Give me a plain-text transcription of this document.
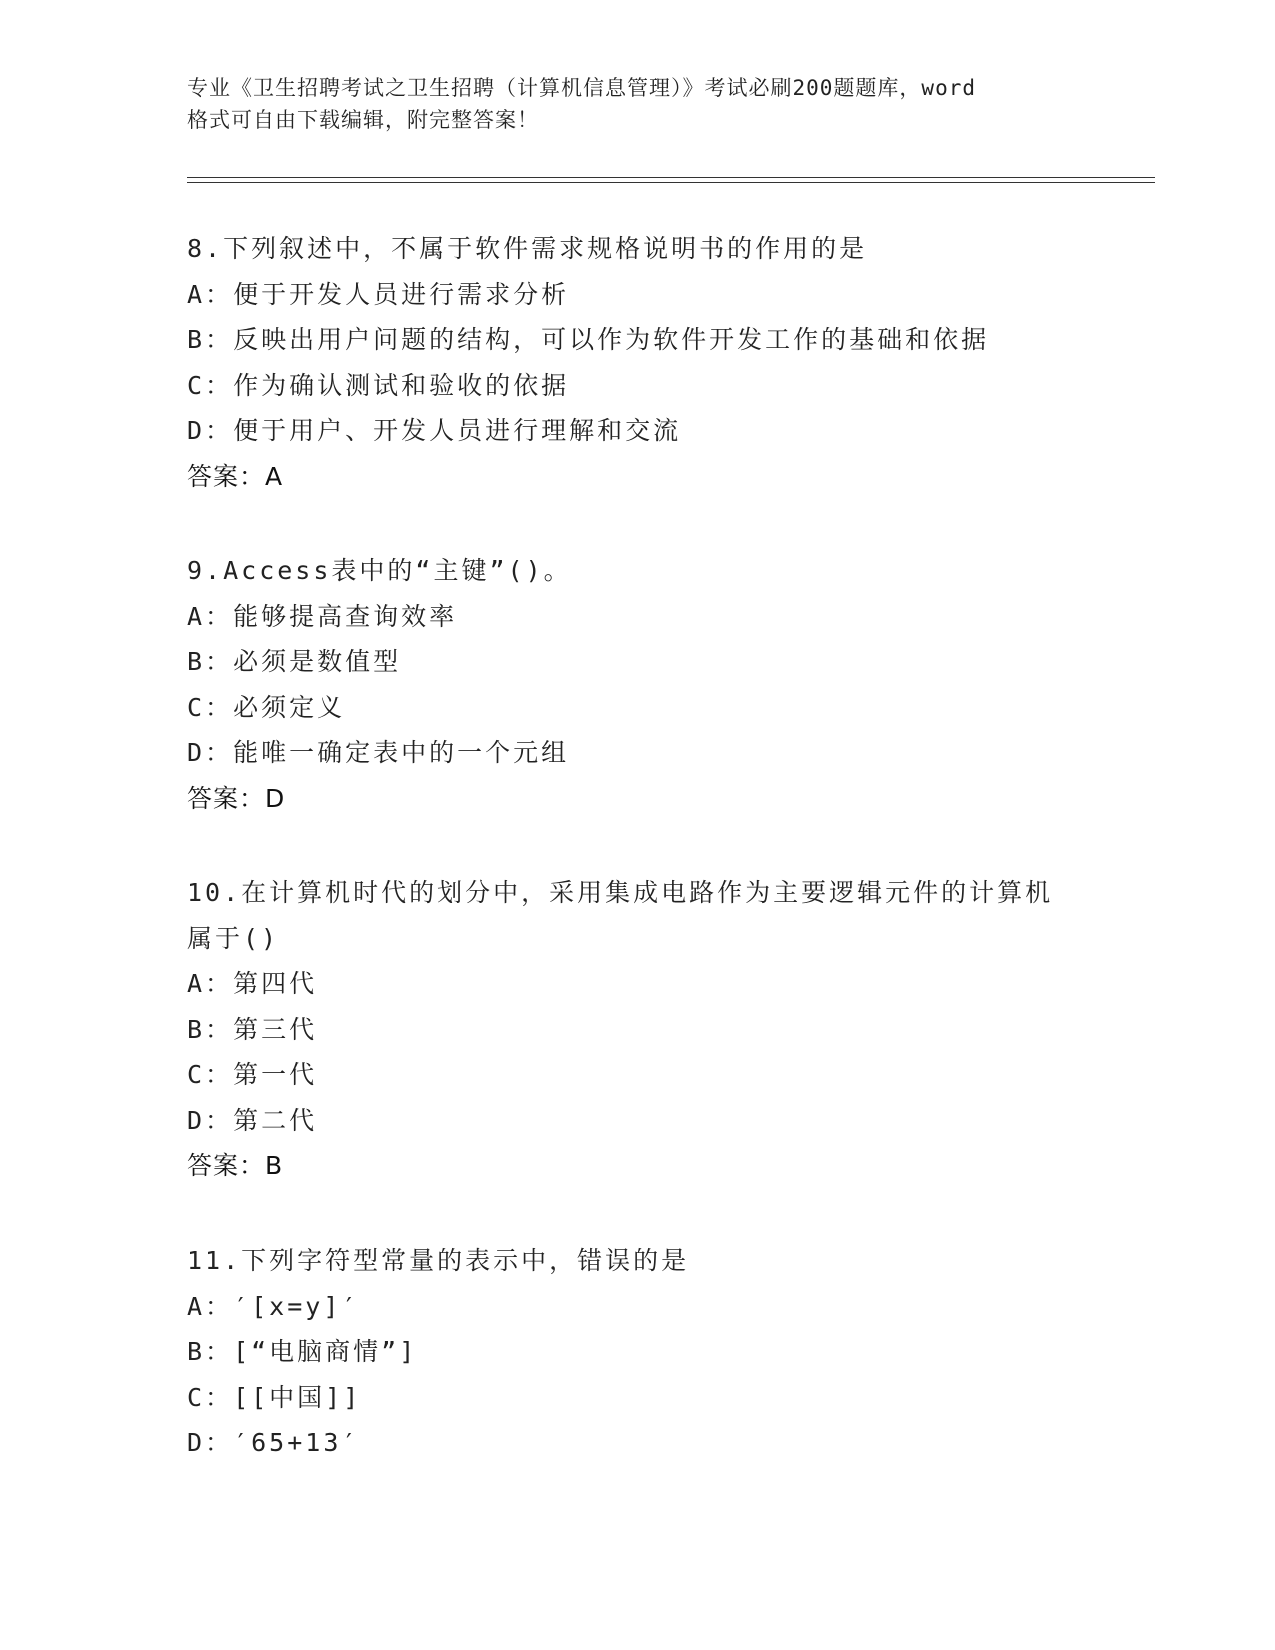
专业《卫生招聘考试之卫生招聘（计算机信息管理）》考试必刷200题题库，word
格式可自由下载编辑，附完整答案！
8.下列叙述中，不属于软件需求规格说明书的作用的是
A：便于开发人员进行需求分析
B：反映出用户问题的结构，可以作为软件开发工作的基础和依据
C：作为确认测试和验收的依据
D：便于用户、开发人员进行理解和交流
答案：A
9.Access表中的“主键”()。
A：能够提高查询效率
B：必须是数值型
C：必须定义
D：能唯一确定表中的一个元组
答案：D
10.在计算机时代的划分中，采用集成电路作为主要逻辑元件的计算机
属于()
A：第四代
B：第三代
C：第一代
D：第二代
答案：B
11.下列字符型常量的表示中，错误的是
A：′[x=y]′
B：[“电脑商情”]
C：[[中国]]
D：′65+13′
